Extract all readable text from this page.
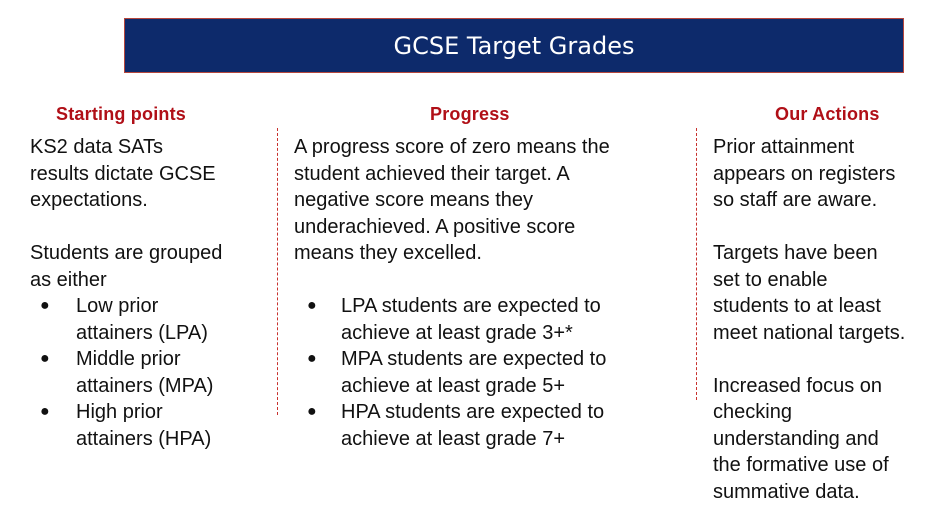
GCSE Target Grades
Starting points	Progress	Our Actions

KS2 data SATs
results dictate GCSE
expectations.

Students are grouped
as either

● Low prior
attainers (LPA)
● Middle prior
attainers (MPA)
● High prior
attainers (HPA)

A progress score of zero means the
student achieved their target. A
negative score means they
underachieved. A positive score
means they excelled.

● LPA students are expected to
achieve at least grade 3+*
● MPA students are expected to
achieve at least grade 5+
● HPA students are expected to
achieve at least grade 7+

Prior attainment
appears on registers
so staff are aware.

Targets have been
set to enable
students to at least
meet national targets.

Increased focus on
checking
understanding and
the formative use of
summative data.
